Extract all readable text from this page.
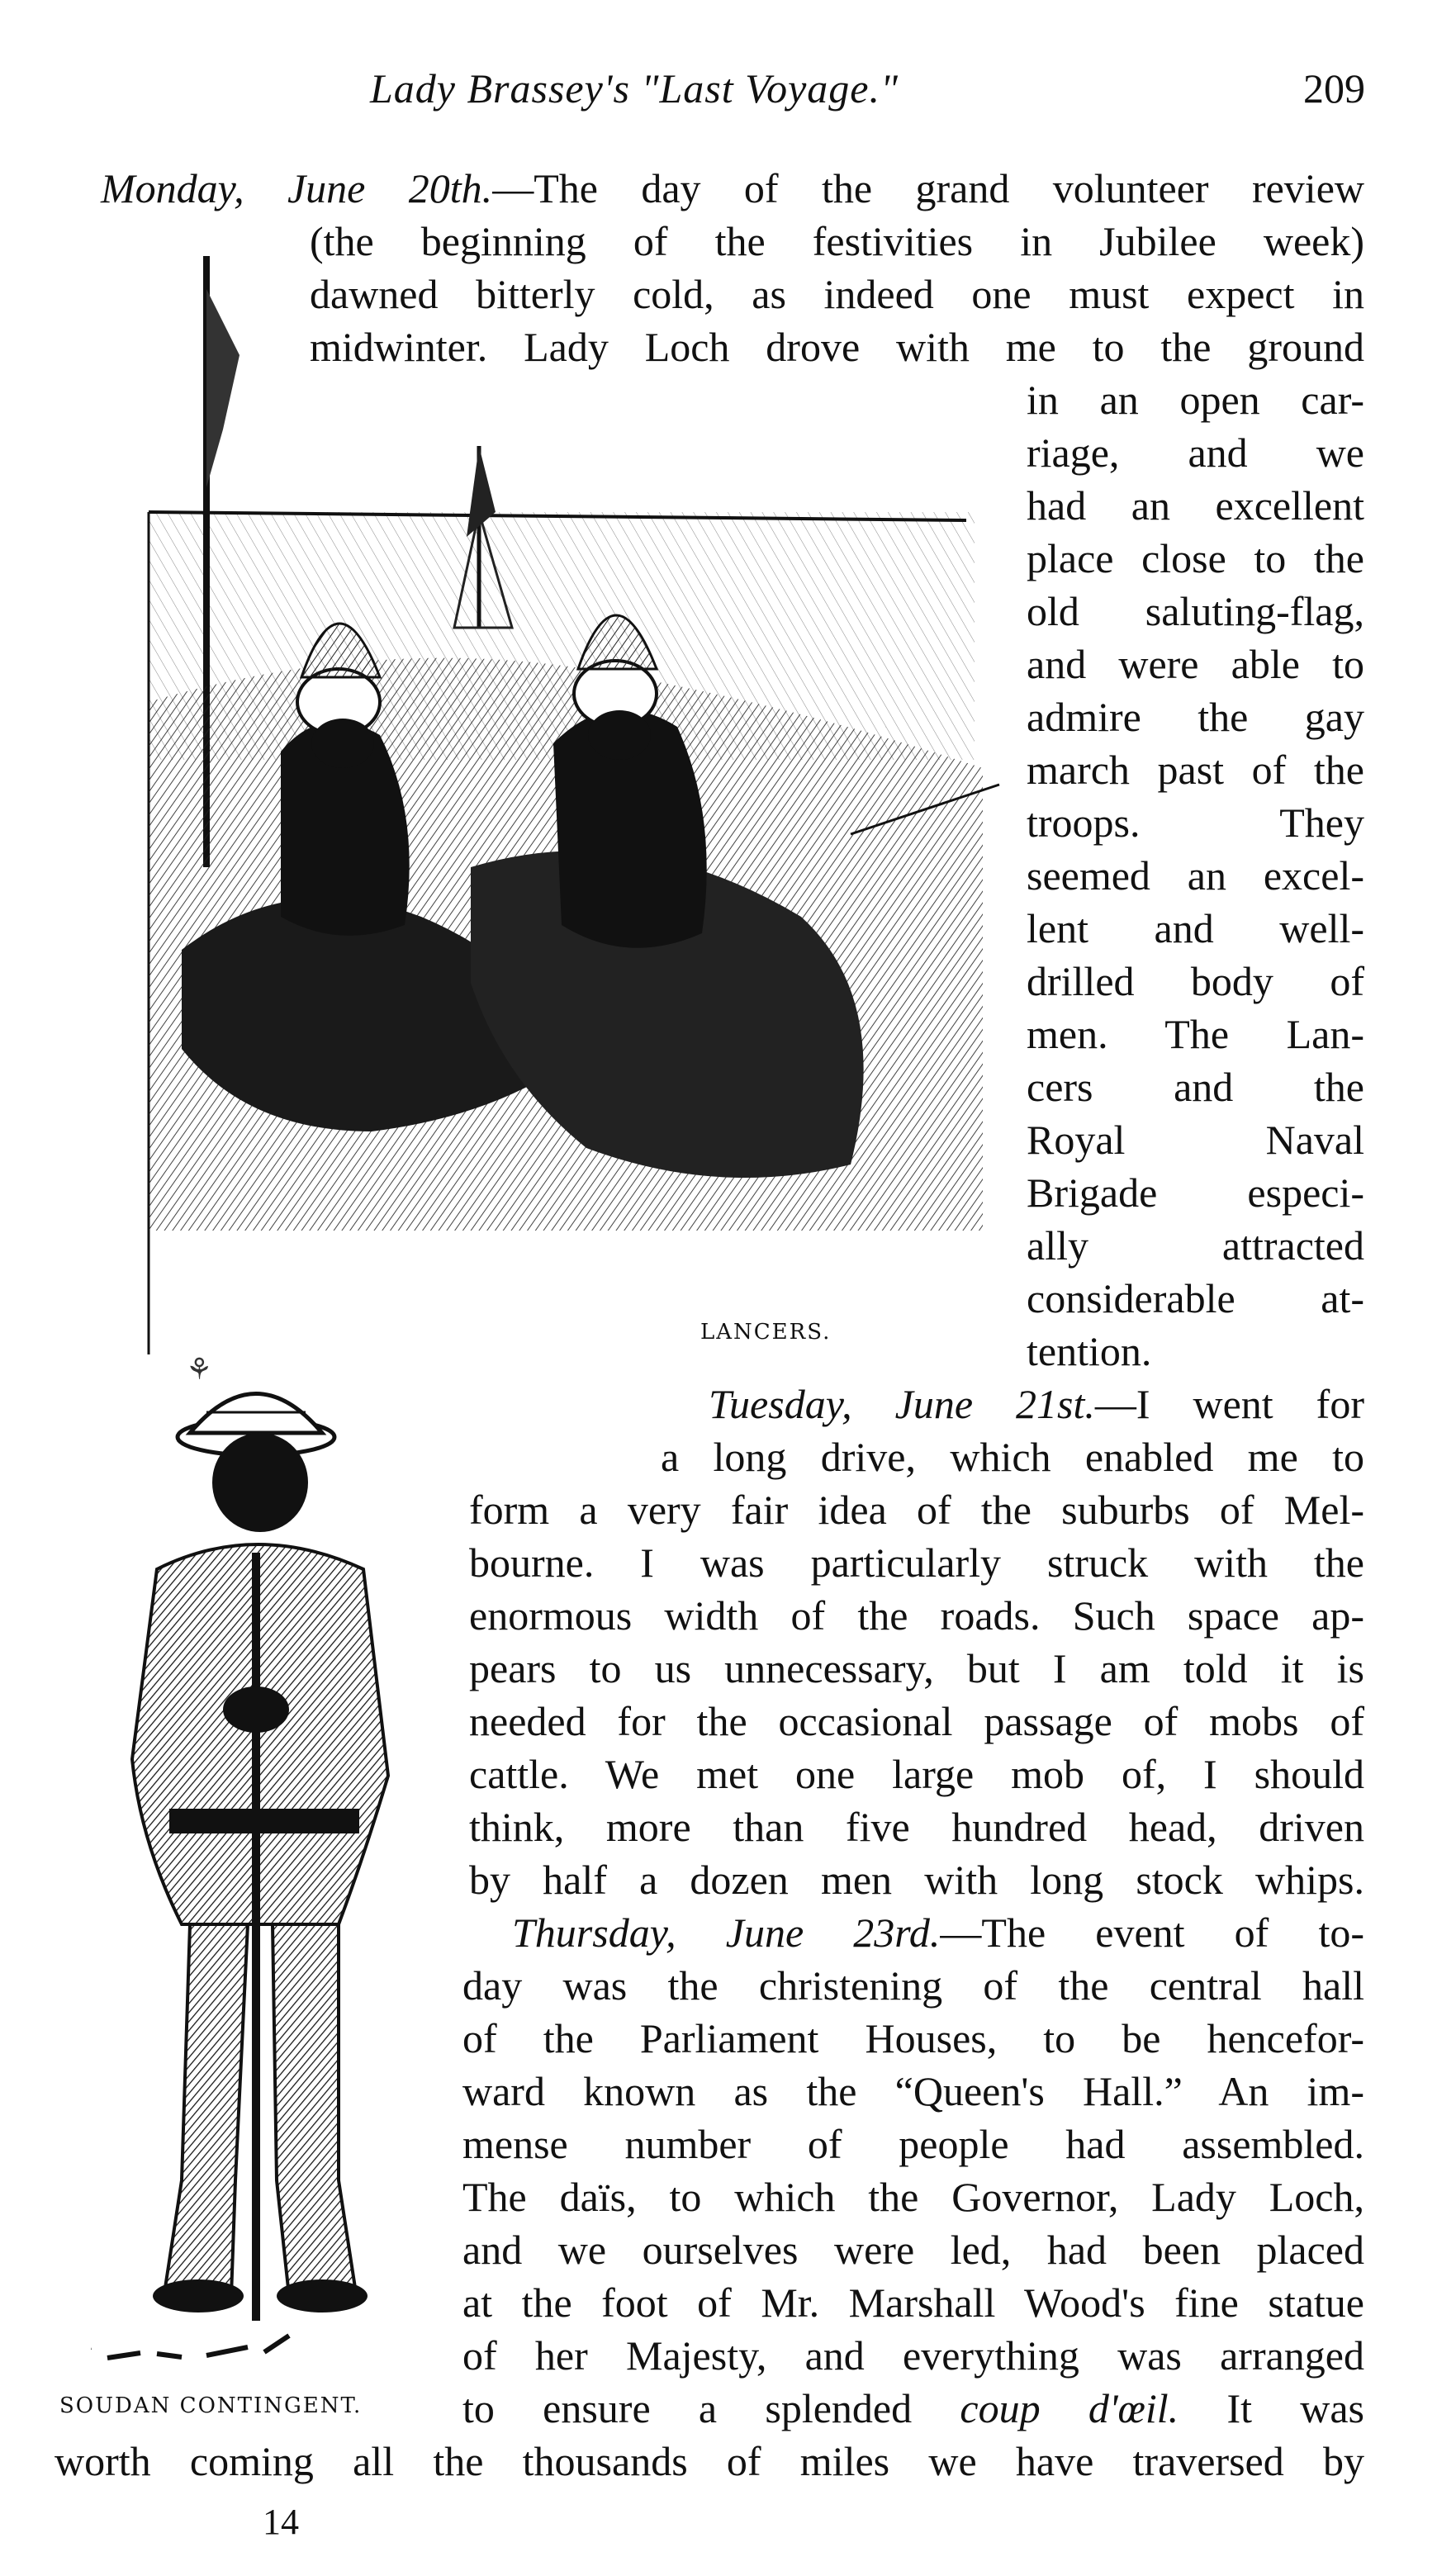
Lady Brassey's "Last Voyage."	209
Monday, June 20th.—The day of the grand volunteer review
(the beginning of the festivities in Jubilee week)
dawned bitterly cold, as indeed one must expect in
midwinter. Lady Loch drove with me to the ground
in an open car-
riage, and we
had an excellent
place close to the
old saluting-flag,
and were able to
admire the gay
march past of the
troops. They
seemed an excel-
lent and well-
drilled body of
men. The Lan-
cers and the
Royal Naval
Brigade especi-
ally attracted
considerable at-
tention.
Tuesday, June 21st.—I went for
a long drive, which enabled me to
form a very fair idea of the suburbs of Mel-
bourne. I was particularly struck with the
enormous width of the roads. Such space ap-
pears to us unnecessary, but I am told it is
needed for the occasional passage of mobs of
cattle. We met one large mob of, I should
think, more than five hundred head, driven
by half a dozen men with long stock whips.
Thursday, June 23rd.—The event of to-
day was the christening of the central hall
of the Parliament Houses, to be hencefor-
ward known as the “Queen's Hall.” An im-
mense number of people had assembled.
The daïs, to which the Governor, Lady Loch,
and we ourselves were led, had been placed
at the foot of Mr. Marshall Wood's fine statue
of her Majesty, and everything was arranged
to ensure a splended coup d'œil. It was
worth coming all the thousands of miles we have traversed by
LANCERS.
⚘
SOUDAN CONTINGENT.
14
